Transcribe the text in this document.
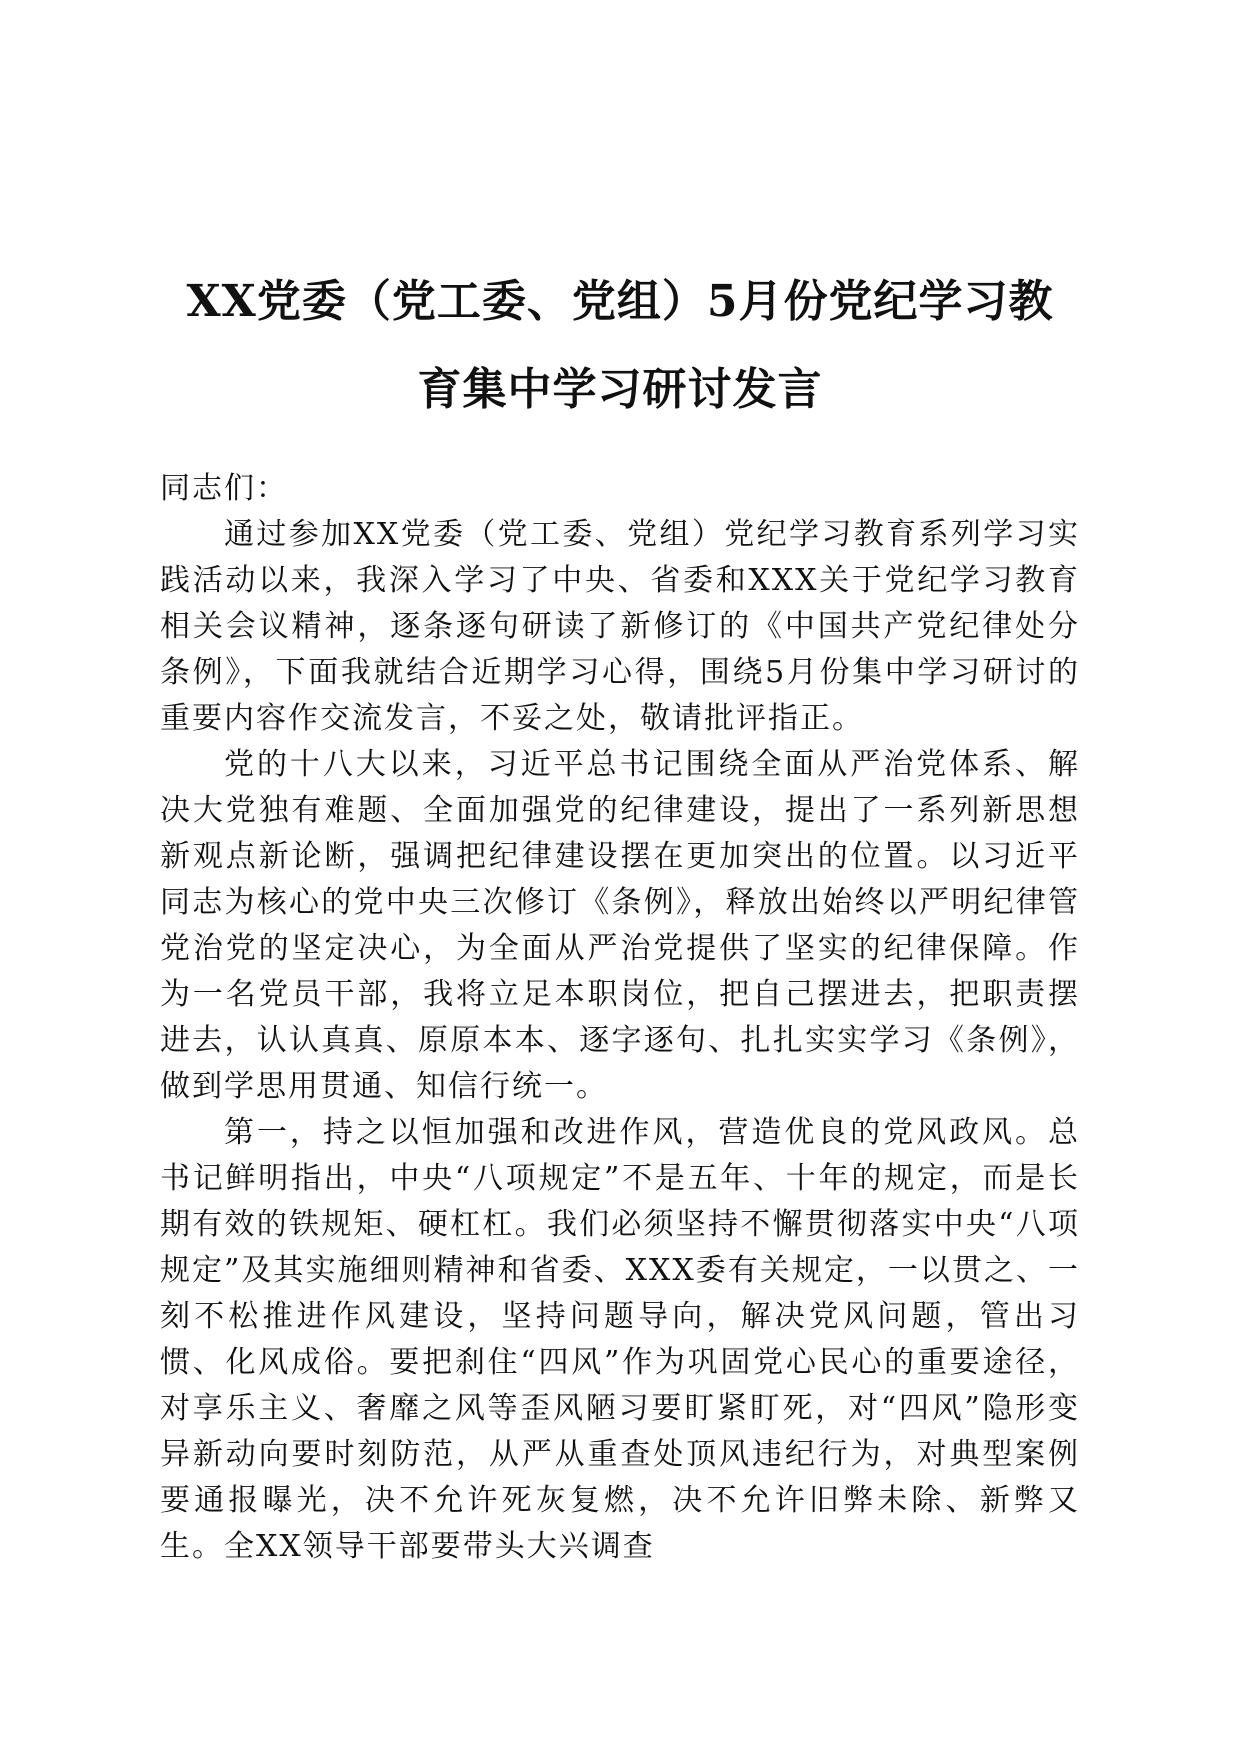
XX党委（党工委、党组）5月份党纪学习教
育集中学习研讨发言

同志们：

通过参加XX党委（党工委、党组）党纪学习教育系列学习实践活动以来，我深入学习了中央、省委和XXX关于党纪学习教育相关会议精神，逐条逐句研读了新修订的《中国共产党纪律处分条例》，下面我就结合近期学习心得，围绕5月份集中学习研讨的重要内容作交流发言，不妥之处，敬请批评指正。

党的十八大以来，习近平总书记围绕全面从严治党体系、解决大党独有难题、全面加强党的纪律建设，提出了一系列新思想新观点新论断，强调把纪律建设摆在更加突出的位置。以习近平同志为核心的党中央三次修订《条例》，释放出始终以严明纪律管党治党的坚定决心，为全面从严治党提供了坚实的纪律保障。作为一名党员干部，我将立足本职岗位，把自己摆进去，把职责摆进去，认认真真、原原本本、逐字逐句、扎扎实实学习《条例》，做到学思用贯通、知信行统一。

第一，持之以恒加强和改进作风，营造优良的党风政风。总书记鲜明指出，中央“八项规定”不是五年、十年的规定，而是长期有效的铁规矩、硬杠杠。我们必须坚持不懈贯彻落实中央“八项规定”及其实施细则精神和省委、XXX委有关规定，一以贯之、一刻不松推进作风建设，坚持问题导向，解决党风问题，管出习惯、化风成俗。要把刹住“四风”作为巩固党心民心的重要途径，对享乐主义、奢靡之风等歪风陋习要盯紧盯死，对“四风”隐形变异新动向要时刻防范，从严从重查处顶风违纪行为，对典型案例要通报曝光，决不允许死灰复燃，决不允许旧弊未除、新弊又生。全XX领导干部要带头大兴调查
